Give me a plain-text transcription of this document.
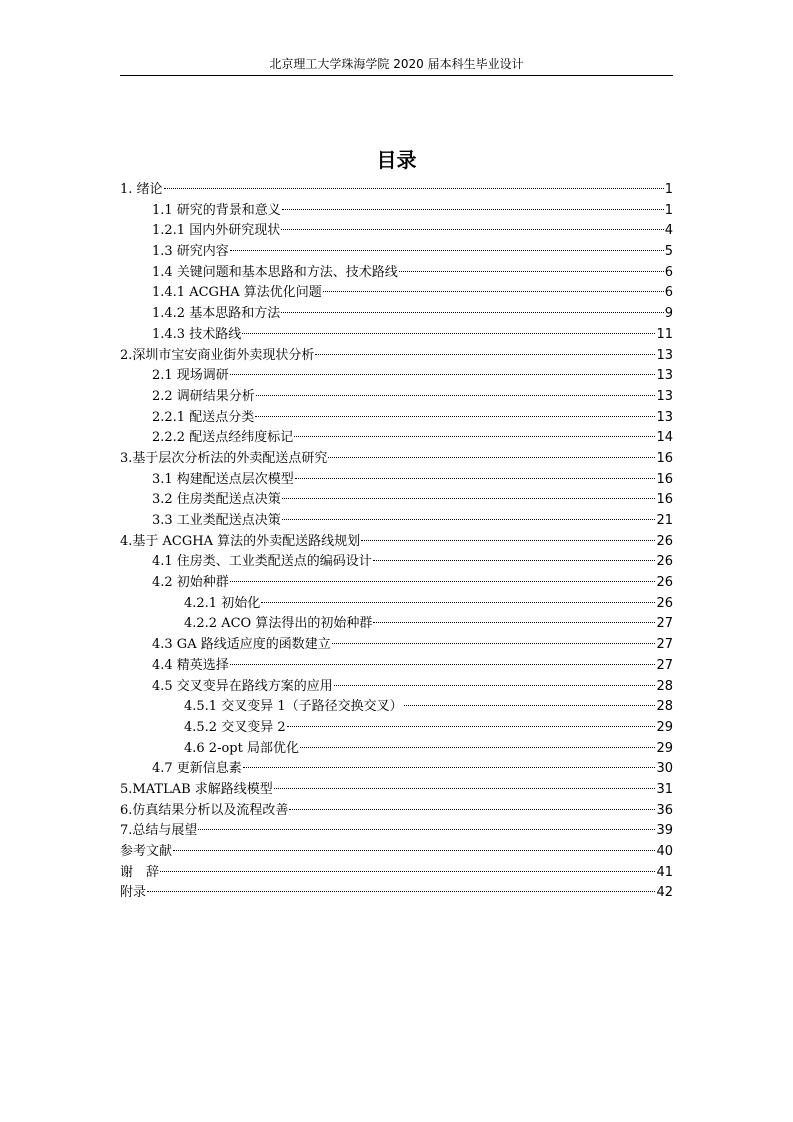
北京理工大学珠海学院 2020 届本科生毕业设计
目录
1. 绪论	1
1.1 研究的背景和意义	1
1.2.1 国内外研究现状	4
1.3 研究内容	5
1.4 关键问题和基本思路和方法、技术路线	6
1.4.1 ACGHA 算法优化问题	6
1.4.2 基本思路和方法	9
1.4.3 技术路线	11
2.深圳市宝安商业街外卖现状分析	13
2.1 现场调研	13
2.2 调研结果分析	13
2.2.1 配送点分类	13
2.2.2 配送点经纬度标记	14
3.基于层次分析法的外卖配送点研究	16
3.1 构建配送点层次模型	16
3.2 住房类配送点决策	16
3.3 工业类配送点决策	21
4.基于 ACGHA 算法的外卖配送路线规划	26
4.1 住房类、工业类配送点的编码设计	26
4.2 初始种群	26
4.2.1 初始化	26
4.2.2 ACO 算法得出的初始种群	27
4.3 GA 路线适应度的函数建立	27
4.4 精英选择	27
4.5 交叉变异在路线方案的应用	28
4.5.1 交叉变异 1（子路径交换交叉）	28
4.5.2 交叉变异 2	29
4.6 2-opt 局部优化	29
4.7 更新信息素	30
5.MATLAB 求解路线模型	31
6.仿真结果分析以及流程改善	36
7.总结与展望	39
参考文献	40
谢　辞	41
附录	42
